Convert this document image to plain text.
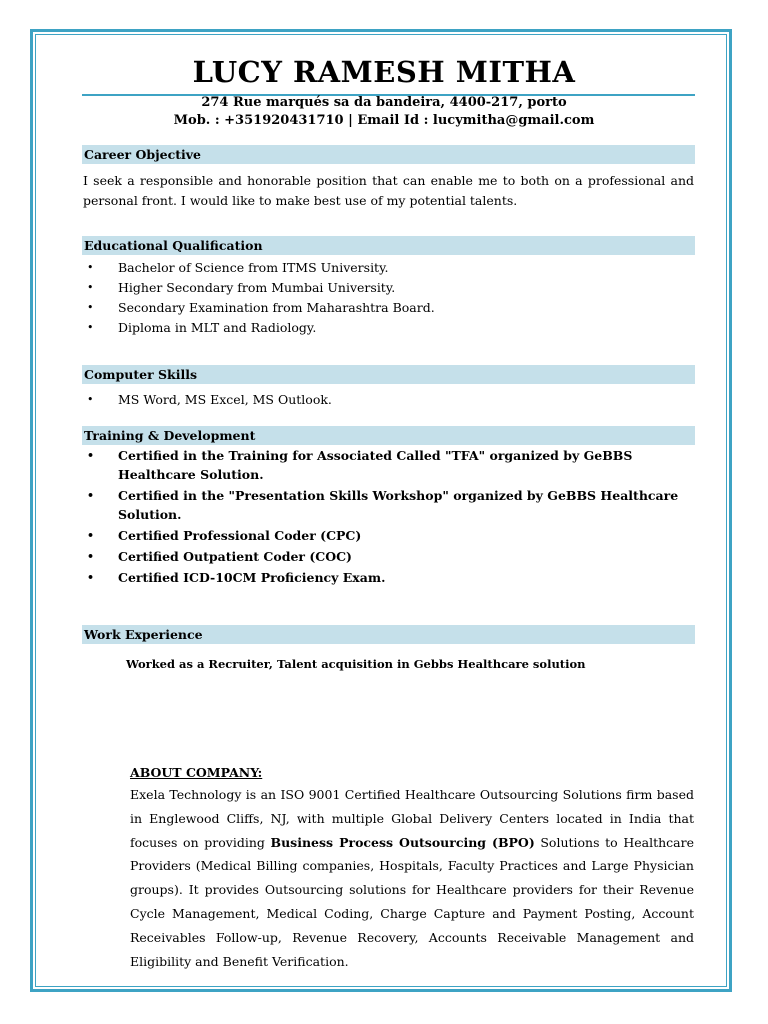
LUCY RAMESH MITHA
274 Rue marqués sa da bandeira, 4400-217, porto
Mob. : +351920431710 | Email Id : lucymitha@gmail.com
Career Objective
I seek a responsible and honorable position that can enable me to both on a professional and personal front. I would like to make best use of my potential talents.
Educational Qualification
• Bachelor of Science from ITMS University.
• Higher Secondary from Mumbai University.
• Secondary Examination from Maharashtra Board.
• Diploma in MLT and Radiology.
Computer Skills
• MS Word, MS Excel, MS Outlook.
Training & Development
• Certified in the Training for Associated Called "TFA" organized by GeBBS Healthcare Solution.
• Certified in the "Presentation Skills Workshop" organized by GeBBS Healthcare Solution.
• Certified Professional Coder (CPC)
• Certified Outpatient Coder (COC)
• Certified ICD-10CM Proficiency Exam.
Work Experience
Worked as a Recruiter, Talent acquisition in Gebbs Healthcare solution
ABOUT COMPANY:
Exela Technology is an ISO 9001 Certified Healthcare Outsourcing Solutions firm based in Englewood Cliffs, NJ, with multiple Global Delivery Centers located in India that focuses on providing Business Process Outsourcing (BPO) Solutions to Healthcare Providers (Medical Billing companies, Hospitals, Faculty Practices and Large Physician groups). It provides Outsourcing solutions for Healthcare providers for their Revenue Cycle Management, Medical Coding, Charge Capture and Payment Posting, Account Receivables Follow-up, Revenue Recovery, Accounts Receivable Management and Eligibility and Benefit Verification.
